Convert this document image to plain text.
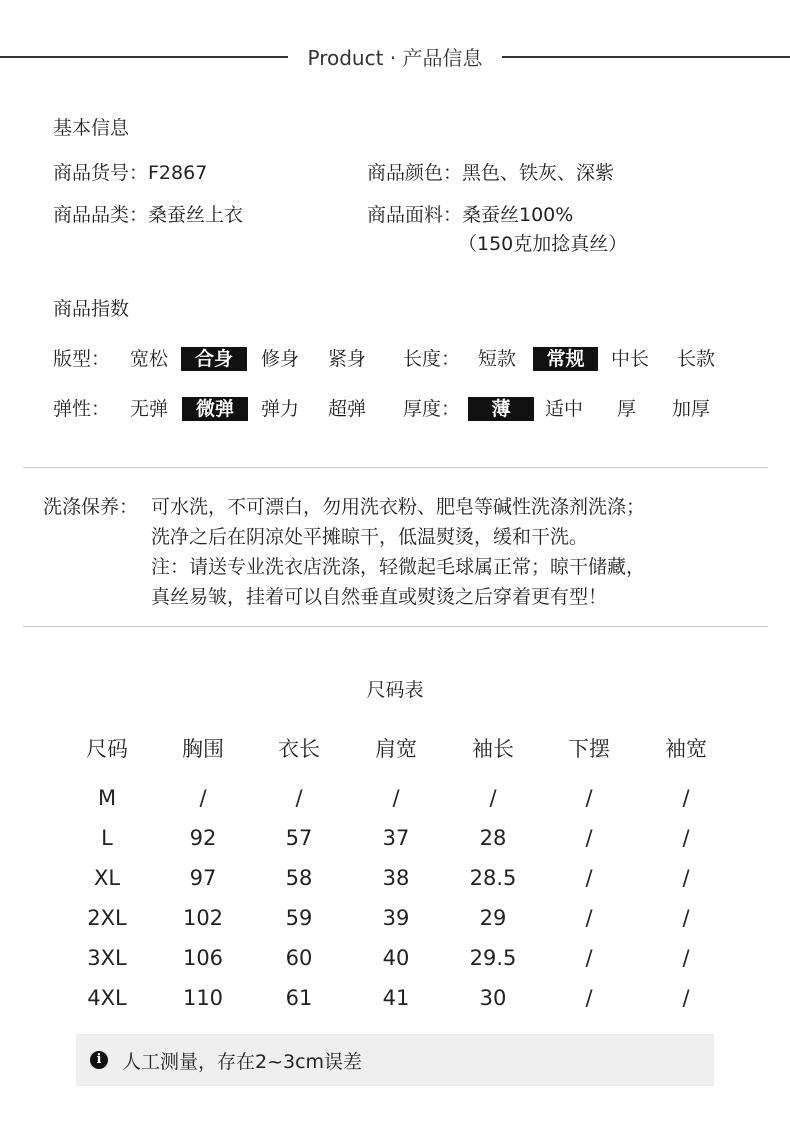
Product · 产品信息
基本信息
商品货号：F2867	商品颜色：黑色、铁灰、深紫
商品品类：桑蚕丝上衣	商品面料：桑蚕丝100%
（150克加捻真丝）
商品指数
版型： 宽松	合身	修身 紧身 长度： 短款	常规	中长 长款
弹性： 无弹	微弹	弹力 超弹 厚度：	薄	适中 厚 加厚
洗涤保养： 可水洗，不可漂白，勿用洗衣粉、肥皂等碱性洗涤剂洗涤；
洗净之后在阴凉处平摊晾干，低温熨烫，缓和干洗。
注：请送专业洗衣店洗涤，轻微起毛球属正常；晾干储藏，
真丝易皱，挂着可以自然垂直或熨烫之后穿着更有型！
尺码表
尺码	胸围	衣长	肩宽	袖长	下摆	袖宽
M	/	/	/	/	/	/
L	92	57	37	28	/	/
XL	97	58	38	28.5	/	/
2XL	102	59	39	29	/	/
3XL	106	60	40	29.5	/	/
4XL	110	61	41	30	/	/
i	人工测量，存在2~3cm误差
